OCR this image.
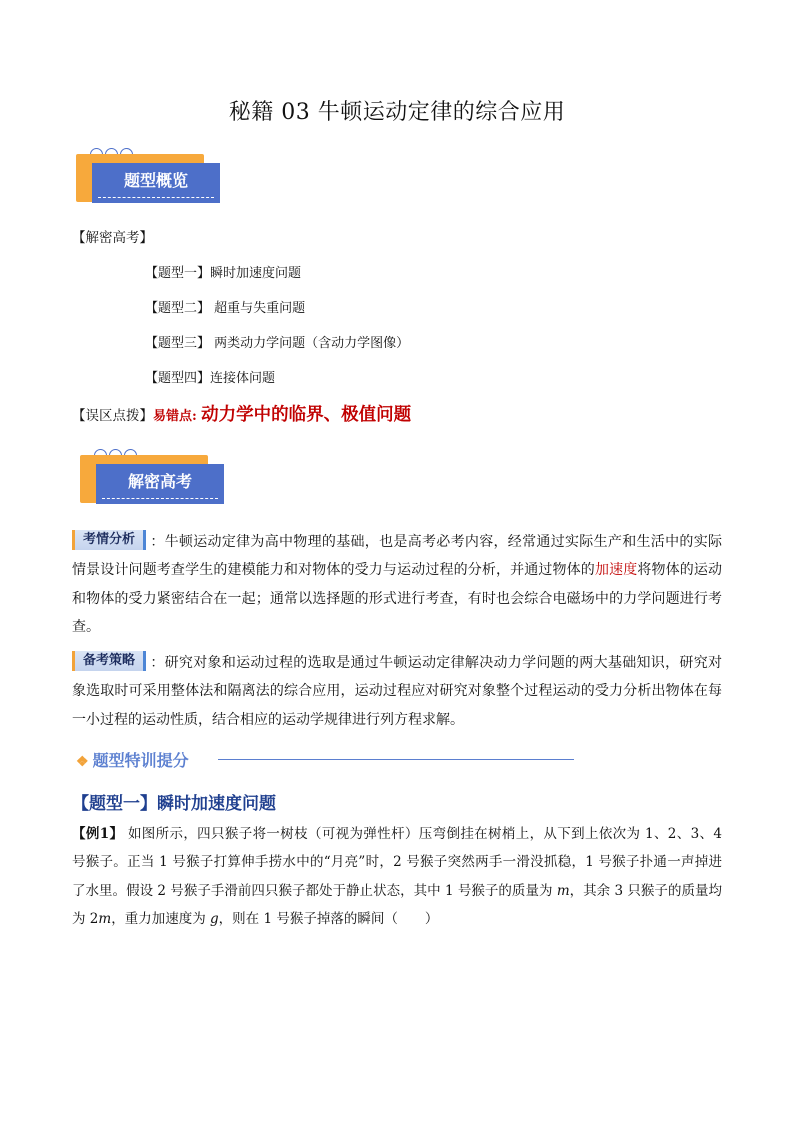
秘籍 03 牛顿运动定律的综合应用
题型概览
【解密高考】
【题型一】瞬时加速度问题
【题型二】 超重与失重问题
【题型三】 两类动力学问题（含动力学图像）
【题型四】连接体问题
【误区点拨】易错点: 动力学中的临界、极值问题
解密高考
考情分析 ：牛顿运动定律为高中物理的基础，也是高考必考内容，经常通过实际生产和生活中的实际情景设计问题考查学生的建模能力和对物体的受力与运动过程的分析，并通过物体的加速度将物体的运动和物体的受力紧密结合在一起；通常以选择题的形式进行考查，有时也会综合电磁场中的力学问题进行考查。
备考策略 ：研究对象和运动过程的选取是通过牛顿运动定律解决动力学问题的两大基础知识，研究对象选取时可采用整体法和隔离法的综合应用，运动过程应对研究对象整个过程运动的受力分析出物体在每一小过程的运动性质，结合相应的运动学规律进行列方程求解。
❖ 题型特训提分
【题型一】瞬时加速度问题
【例1】 如图所示，四只猴子将一树枝（可视为弹性杆）压弯倒挂在树梢上，从下到上依次为 1、2、3、4 号猴子。正当 1 号猴子打算伸手捞水中的“月亮”时，2 号猴子突然两手一滑没抓稳，1 号猴子扑通一声掉进了水里。假设 2 号猴子手滑前四只猴子都处于静止状态，其中 1 号猴子的质量为 m，其余 3 只猴子的质量均为 2m，重力加速度为 g，则在 1 号猴子掉落的瞬间（　　）
